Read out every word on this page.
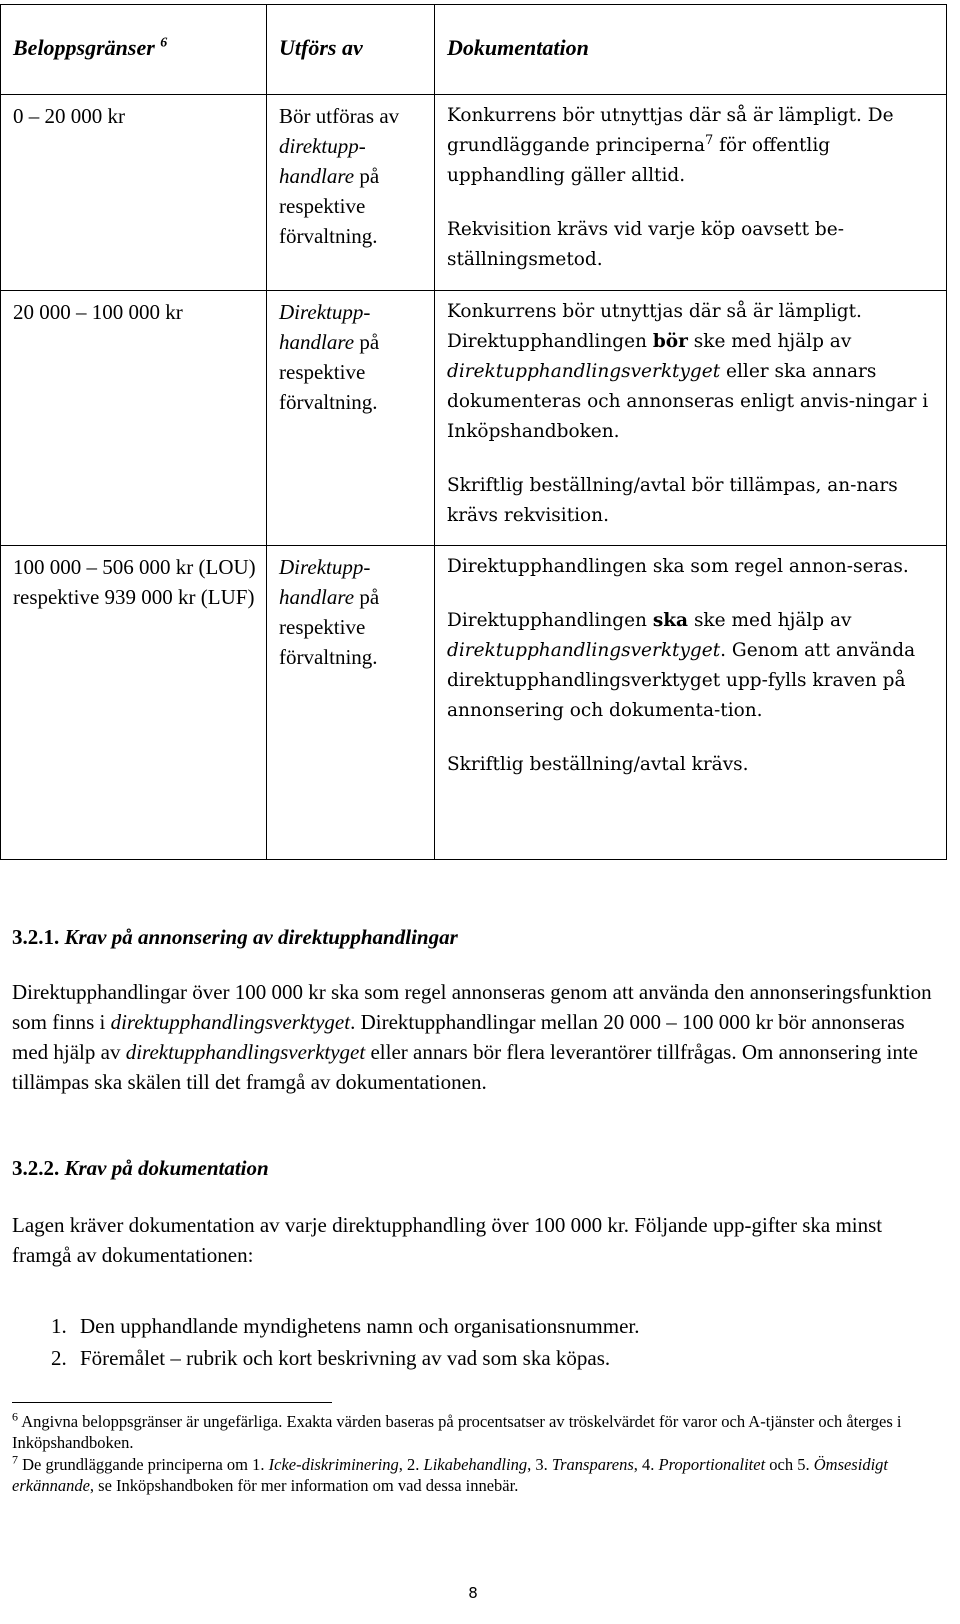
Beloppsgränser $^6$	Utförs av	Dokumentation
0 – 20 000 kr	Bör utföras av direktupp-handlare på respektive förvaltning.	Konkurrens bör utnyttjas där så är lämpligt. De grundläggande principerna$^7$ för offentlig upphandling gäller alltid.

Rekvisition krävs vid varje köp oavsett be-ställningsmetod.

20 000 – 100 000 kr	Direktupp-handlare på respektive förvaltning.	Konkurrens bör utnyttjas där så är lämpligt. Direktupphandlingen bör ske med hjälp av direktupphandlingsverktyget eller ska annars dokumenteras och annonseras enligt anvis-ningar i Inköpshandboken.

Skriftlig beställning/avtal bör tillämpas, an-nars krävs rekvisition.

100 000 – 506 000 kr (LOU) respektive 939 000 kr (LUF)	Direktupp-handlare på respektive förvaltning.	Direktupphandlingen ska som regel annon-seras.

Direktupphandlingen ska ske med hjälp av direktupphandlingsverktyget. Genom att använda direktupphandlingsverktyget upp-fylls kraven på annonsering och dokumenta-tion.

Skriftlig beställning/avtal krävs.

3.2.1. Krav på annonsering av direktupphandlingar
Direktupphandlingar över 100 000 kr ska som regel annonseras genom att använda den annonseringsfunktion som finns i direktupphandlingsverktyget. Direktupphandlingar mellan 20 000 – 100 000 kr bör annonseras med hjälp av direktupphandlingsverktyget eller annars bör flera leverantörer tillfrågas. Om annonsering inte tillämpas ska skälen till det framgå av dokumentationen.
3.2.2. Krav på dokumentation
Lagen kräver dokumentation av varje direktupphandling över 100 000 kr. Följande upp-gifter ska minst framgå av dokumentationen:
1. Den upphandlande myndighetens namn och organisationsnummer.
2. Föremålet – rubrik och kort beskrivning av vad som ska köpas.
$^6$ Angivna beloppsgränser är ungefärliga. Exakta värden baseras på procentsatser av tröskelvärdet för varor och A-tjänster och återges i Inköpshandboken.
$^7$ De grundläggande principerna om 1. Icke-diskriminering, 2. Likabehandling, 3. Transparens, 4. Proportionalitet och 5. Ömsesidigt erkännande, se Inköpshandboken för mer information om vad dessa innebär.
8
